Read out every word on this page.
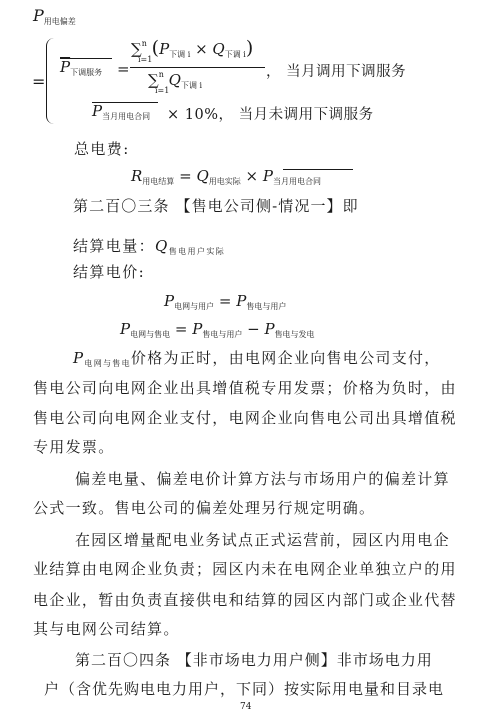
$P_{用电偏差}$
=
$\overline{P}_{下调服务}$ =
∑$^n$ $(P_{下调 i} \times Q_{下调 i})$
i=1
∑$^n$ $Q_{下调 i}$
i=1
， 当月调用下调服务
$P_{当月用电合同} \times 10\%$， 当月未调用下调服务
总电费:
$R_{用电结算} = Q_{用电实际} \times P_{当月用电合同}$
第二百〇三条 【售电公司侧-情况一】即
结算电量：$Q_{售电用户实际}$
结算电价:
$P_{电网与用户} = P_{售电与用户}$
$P_{电网与售电} = P_{售电与用户} - P_{售电与发电}$
$P_{电网与售电}$价格为正时，由电网企业向售电公司支付，
售电公司向电网企业出具增值税专用发票；价格为负时，由
售电公司向电网企业支付，电网企业向售电公司出具增值税
专用发票。
偏差电量、偏差电价计算方法与市场用户的偏差计算
公式一致。售电公司的偏差处理另行规定明确。
在园区增量配电业务试点正式运营前，园区内用电企
业结算由电网企业负责；园区内未在电网企业单独立户的用
电企业，暂由负责直接供电和结算的园区内部门或企业代替
其与电网公司结算。
第二百〇四条 【非市场电力用户侧】非市场电力用
户（含优先购电电力用户，下同）按实际用电量和目录电
74
